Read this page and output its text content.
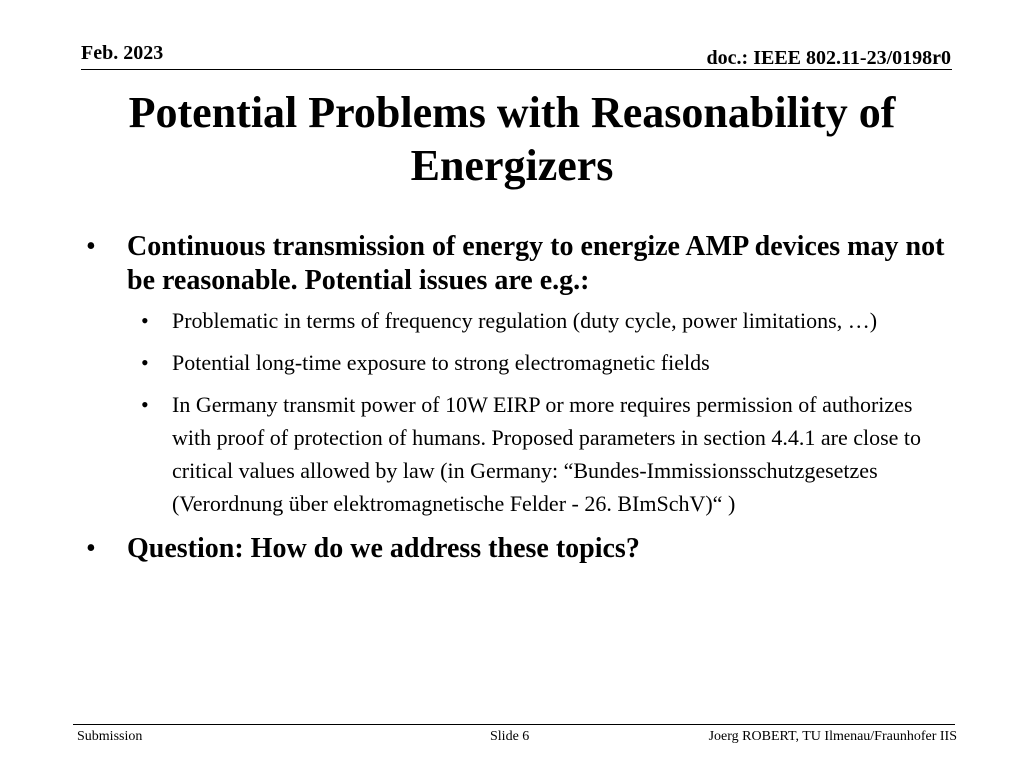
Feb. 2023	doc.: IEEE 802.11-23/0198r0
Potential Problems with Reasonability of Energizers
• Continuous transmission of energy to energize AMP devices may not be reasonable. Potential issues are e.g.:
• Problematic in terms of frequency regulation (duty cycle, power limitations, …)
• Potential long-time exposure to strong electromagnetic fields
• In Germany transmit power of 10W EIRP or more requires permission of authorizes with proof of protection of humans. Proposed parameters in section 4.4.1 are close to critical values allowed by law (in Germany: “Bundes-Immissionsschutzgesetzes (Verordnung über elektromagnetische Felder - 26. BImSchV)“ )
• Question: How do we address these topics?
Submission	Slide 6	Joerg ROBERT, TU Ilmenau/Fraunhofer IIS
